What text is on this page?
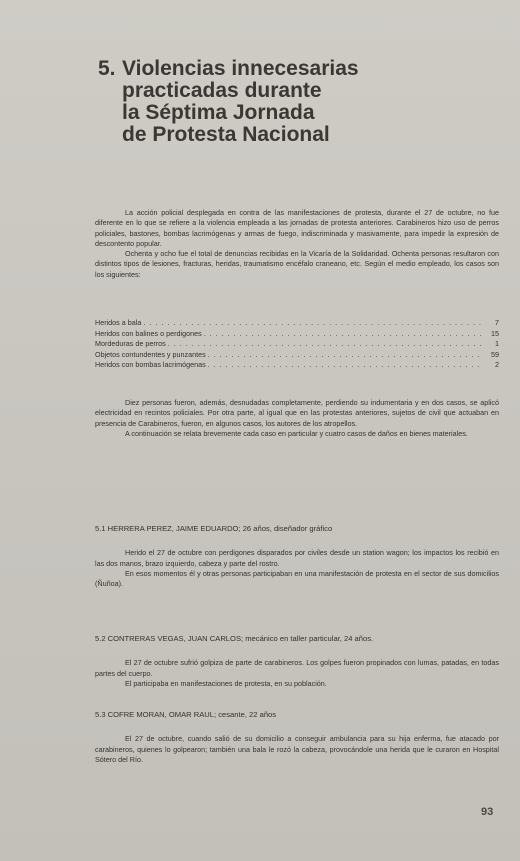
5. Violencias innecesarias
practicadas durante
la Séptima Jornada
de Protesta Nacional

La acción policial desplegada en contra de las manifestaciones de protesta, durante el 27 de octubre, no fue diferente en lo que se refiere a la violencia empleada a las jornadas de protesta anteriores. Carabineros hizo uso de perros policiales, bastones, bombas lacrimógenas y armas de fuego, indiscriminada y masivamente, para impedir la expresión de descontento popular.

Ochenta y ocho fue el total de denuncias recibidas en la Vicaría de la Solidaridad. Ochenta personas resultaron con distintos tipos de lesiones, fracturas, heridas, traumatismo encéfalo craneano, etc. Según el medio empleado, los casos son los siguientes:

Heridos a bala . . .	7
Heridos con balines o perdigones . . .	15
Mordeduras de perros . . .	1
Objetos contundentes y punzantes . . .	59
Heridos con bombas lacrimógenas . . .	2

Diez personas fueron, además, desnudadas completamente, perdiendo su indumentaria y en dos casos, se aplicó electricidad en recintos policiales. Por otra parte, al igual que en las protestas anteriores, sujetos de civil que actuaban en presencia de Carabineros, fueron, en algunos casos, los autores de los atropellos.

A continuación se relata brevemente cada caso en particular y cuatro casos de daños en bienes materiales.

5.1 HERRERA PEREZ, JAIME EDUARDO; 26 años, diseñador gráfico

Herido el 27 de octubre con perdigones disparados por civiles desde un station wagon; los impactos los recibió en las dos manos, brazo izquierdo, cabeza y parte del rostro.

En esos momentos él y otras personas participaban en una manifestación de protesta en el sector de sus domicilios (Ñuñoa).

5.2 CONTRERAS VEGAS, JUAN CARLOS; mecánico en taller particular, 24 años.

El 27 de octubre sufrió golpiza de parte de carabineros. Los golpes fueron propinados con lumas, patadas, en todas partes del cuerpo.

El participaba en manifestaciones de protesta, en su población.

5.3 COFRE MORAN, OMAR RAUL; cesante, 22 años

El 27 de octubre, cuando salió de su domicilio a conseguir ambulancia para su hija enferma, fue atacado por carabineros, quienes lo golpearon; también una bala le rozó la cabeza, provocándole una herida que le curaron en Hospital Sótero del Río.

93
